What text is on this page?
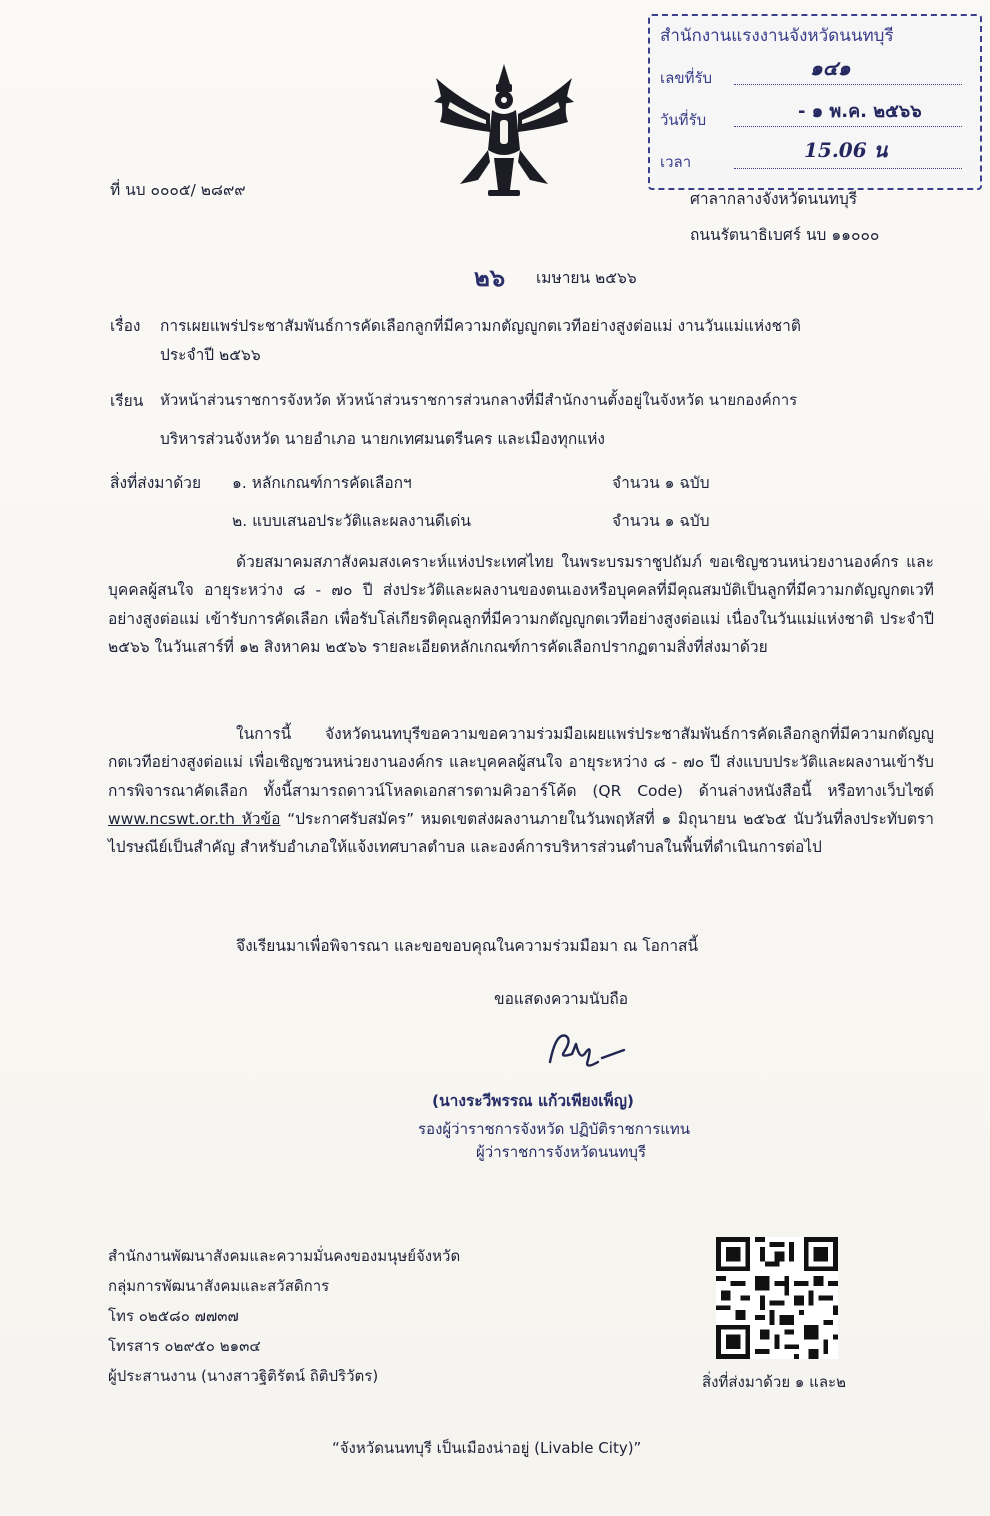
สำนักงานแรงงานจังหวัดนนทบุรี
เลขที่รับ	๑๔๑
วันที่รับ	- ๑ พ.ค. ๒๕๖๖
เวลา	15.06 น
ที่ นบ ๐๐๐๕/ ๒๘๙๙	ศาลากลางจังหวัดนนทบุรี
ถนนรัตนาธิเบศร์ นบ ๑๑๐๐๐
๒๖ เมษายน ๒๕๖๖
เรื่อง การเผยแพร่ประชาสัมพันธ์การคัดเลือกลูกที่มีความกตัญญูกตเวทีอย่างสูงต่อแม่ งานวันแม่แห่งชาติ
ประจำปี ๒๕๖๖
เรียน หัวหน้าส่วนราชการจังหวัด หัวหน้าส่วนราชการส่วนกลางที่มีสำนักงานตั้งอยู่ในจังหวัด นายกองค์การ
บริหารส่วนจังหวัด นายอำเภอ นายกเทศมนตรีนคร และเมืองทุกแห่ง
สิ่งที่ส่งมาด้วย ๑. หลักเกณฑ์การคัดเลือกฯ	จำนวน ๑ ฉบับ
๒. แบบเสนอประวัติและผลงานดีเด่น	จำนวน ๑ ฉบับ
ด้วยสมาคมสภาสังคมสงเคราะห์แห่งประเทศไทย ในพระบรมราชูปถัมภ์ ขอเชิญชวนหน่วยงานองค์กร และบุคคลผู้สนใจ อายุระหว่าง ๘ - ๗๐ ปี ส่งประวัติและผลงานของตนเองหรือบุคคลที่มีคุณสมบัติเป็นลูกที่มีความกตัญญูกตเวทีอย่างสูงต่อแม่ เข้ารับการคัดเลือก เพื่อรับโล่เกียรติคุณลูกที่มีความกตัญญูกตเวทีอย่างสูงต่อแม่ เนื่องในวันแม่แห่งชาติ ประจำปี ๒๕๖๖ ในวันเสาร์ที่ ๑๒ สิงหาคม ๒๕๖๖ รายละเอียดหลักเกณฑ์การคัดเลือกปรากฏตามสิ่งที่ส่งมาด้วย
ในการนี้ จังหวัดนนทบุรีขอความขอความร่วมมือเผยแพร่ประชาสัมพันธ์การคัดเลือกลูกที่มีความกตัญญูกตเวทีอย่างสูงต่อแม่ เพื่อเชิญชวนหน่วยงานองค์กร และบุคคลผู้สนใจ อายุระหว่าง ๘ - ๗๐ ปี ส่งแบบประวัติและผลงานเข้ารับการพิจารณาคัดเลือก ทั้งนี้สามารถดาวน์โหลดเอกสารตามคิวอาร์โค้ด (QR Code) ด้านล่างหนังสือนี้ หรือทางเว็บไซต์ www.ncswt.or.th หัวข้อ “ประกาศรับสมัคร” หมดเขตส่งผลงานภายในวันพฤหัสที่ ๑ มิถุนายน ๒๕๖๕ นับวันที่ลงประทับตราไปรษณีย์เป็นสำคัญ สำหรับอำเภอให้แจ้งเทศบาลตำบล และองค์การบริหารส่วนตำบลในพื้นที่ดำเนินการต่อไป
จึงเรียนมาเพื่อพิจารณา และขอขอบคุณในความร่วมมือมา ณ โอกาสนี้
ขอแสดงความนับถือ
(นางระวีพรรณ แก้วเพียงเพ็ญ)
รองผู้ว่าราชการจังหวัด ปฏิบัติราชการแทน
ผู้ว่าราชการจังหวัดนนทบุรี
สำนักงานพัฒนาสังคมและความมั่นคงของมนุษย์จังหวัด
กลุ่มการพัฒนาสังคมและสวัสดิการ
โทร ๐๒๕๘๐ ๗๗๓๗
โทรสาร ๐๒๙๕๐ ๒๑๓๔
ผู้ประสานงาน (นางสาวฐิติรัตน์ ถิติปริวัตร)	สิ่งที่ส่งมาด้วย ๑ และ๒
“จังหวัดนนทบุรี เป็นเมืองน่าอยู่ (Livable City)”
